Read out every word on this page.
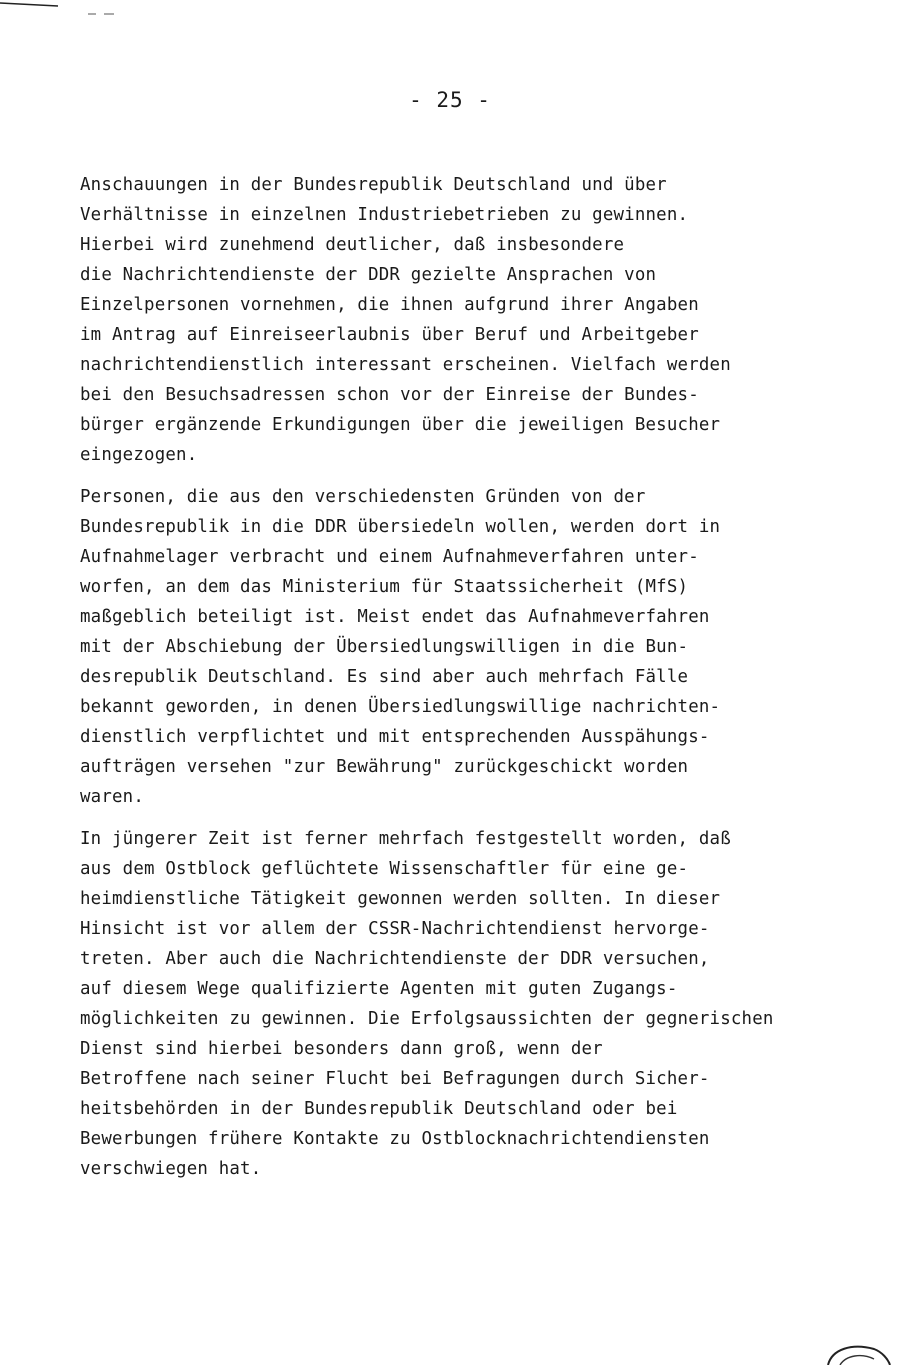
- 25 -
Anschauungen in der Bundesrepublik Deutschland und über
Verhältnisse in einzelnen Industriebetrieben zu gewinnen.
Hierbei wird zunehmend deutlicher, daß insbesondere
die Nachrichtendienste der DDR gezielte Ansprachen von
Einzelpersonen vornehmen, die ihnen aufgrund ihrer Angaben
im Antrag auf Einreiseerlaubnis über Beruf und Arbeitgeber
nachrichtendienstlich interessant erscheinen. Vielfach werden
bei den Besuchsadressen schon vor der Einreise der Bundes-
bürger ergänzende Erkundigungen über die jeweiligen Besucher
eingezogen.
Personen, die aus den verschiedensten Gründen von der
Bundesrepublik in die DDR übersiedeln wollen, werden dort in
Aufnahmelager verbracht und einem Aufnahmeverfahren unter-
worfen, an dem das Ministerium für Staatssicherheit (MfS)
maßgeblich beteiligt ist. Meist endet das Aufnahmeverfahren
mit der Abschiebung der Übersiedlungswilligen in die Bun-
desrepublik Deutschland. Es sind aber auch mehrfach Fälle
bekannt geworden, in denen Übersiedlungswillige nachrichten-
dienstlich verpflichtet und mit entsprechenden Ausspähungs-
aufträgen versehen "zur Bewährung" zurückgeschickt worden
waren.
In jüngerer Zeit ist ferner mehrfach festgestellt worden, daß
aus dem Ostblock geflüchtete Wissenschaftler für eine ge-
heimdienstliche Tätigkeit gewonnen werden sollten. In dieser
Hinsicht ist vor allem der CSSR-Nachrichtendienst hervorge-
treten. Aber auch die Nachrichtendienste der DDR versuchen,
auf diesem Wege qualifizierte Agenten mit guten Zugangs-
möglichkeiten zu gewinnen. Die Erfolgsaussichten der gegnerischen
Dienst sind hierbei besonders dann groß, wenn der
Betroffene nach seiner Flucht bei Befragungen durch Sicher-
heitsbehörden in der Bundesrepublik Deutschland oder bei
Bewerbungen frühere Kontakte zu Ostblocknachrichtendiensten
verschwiegen hat.
